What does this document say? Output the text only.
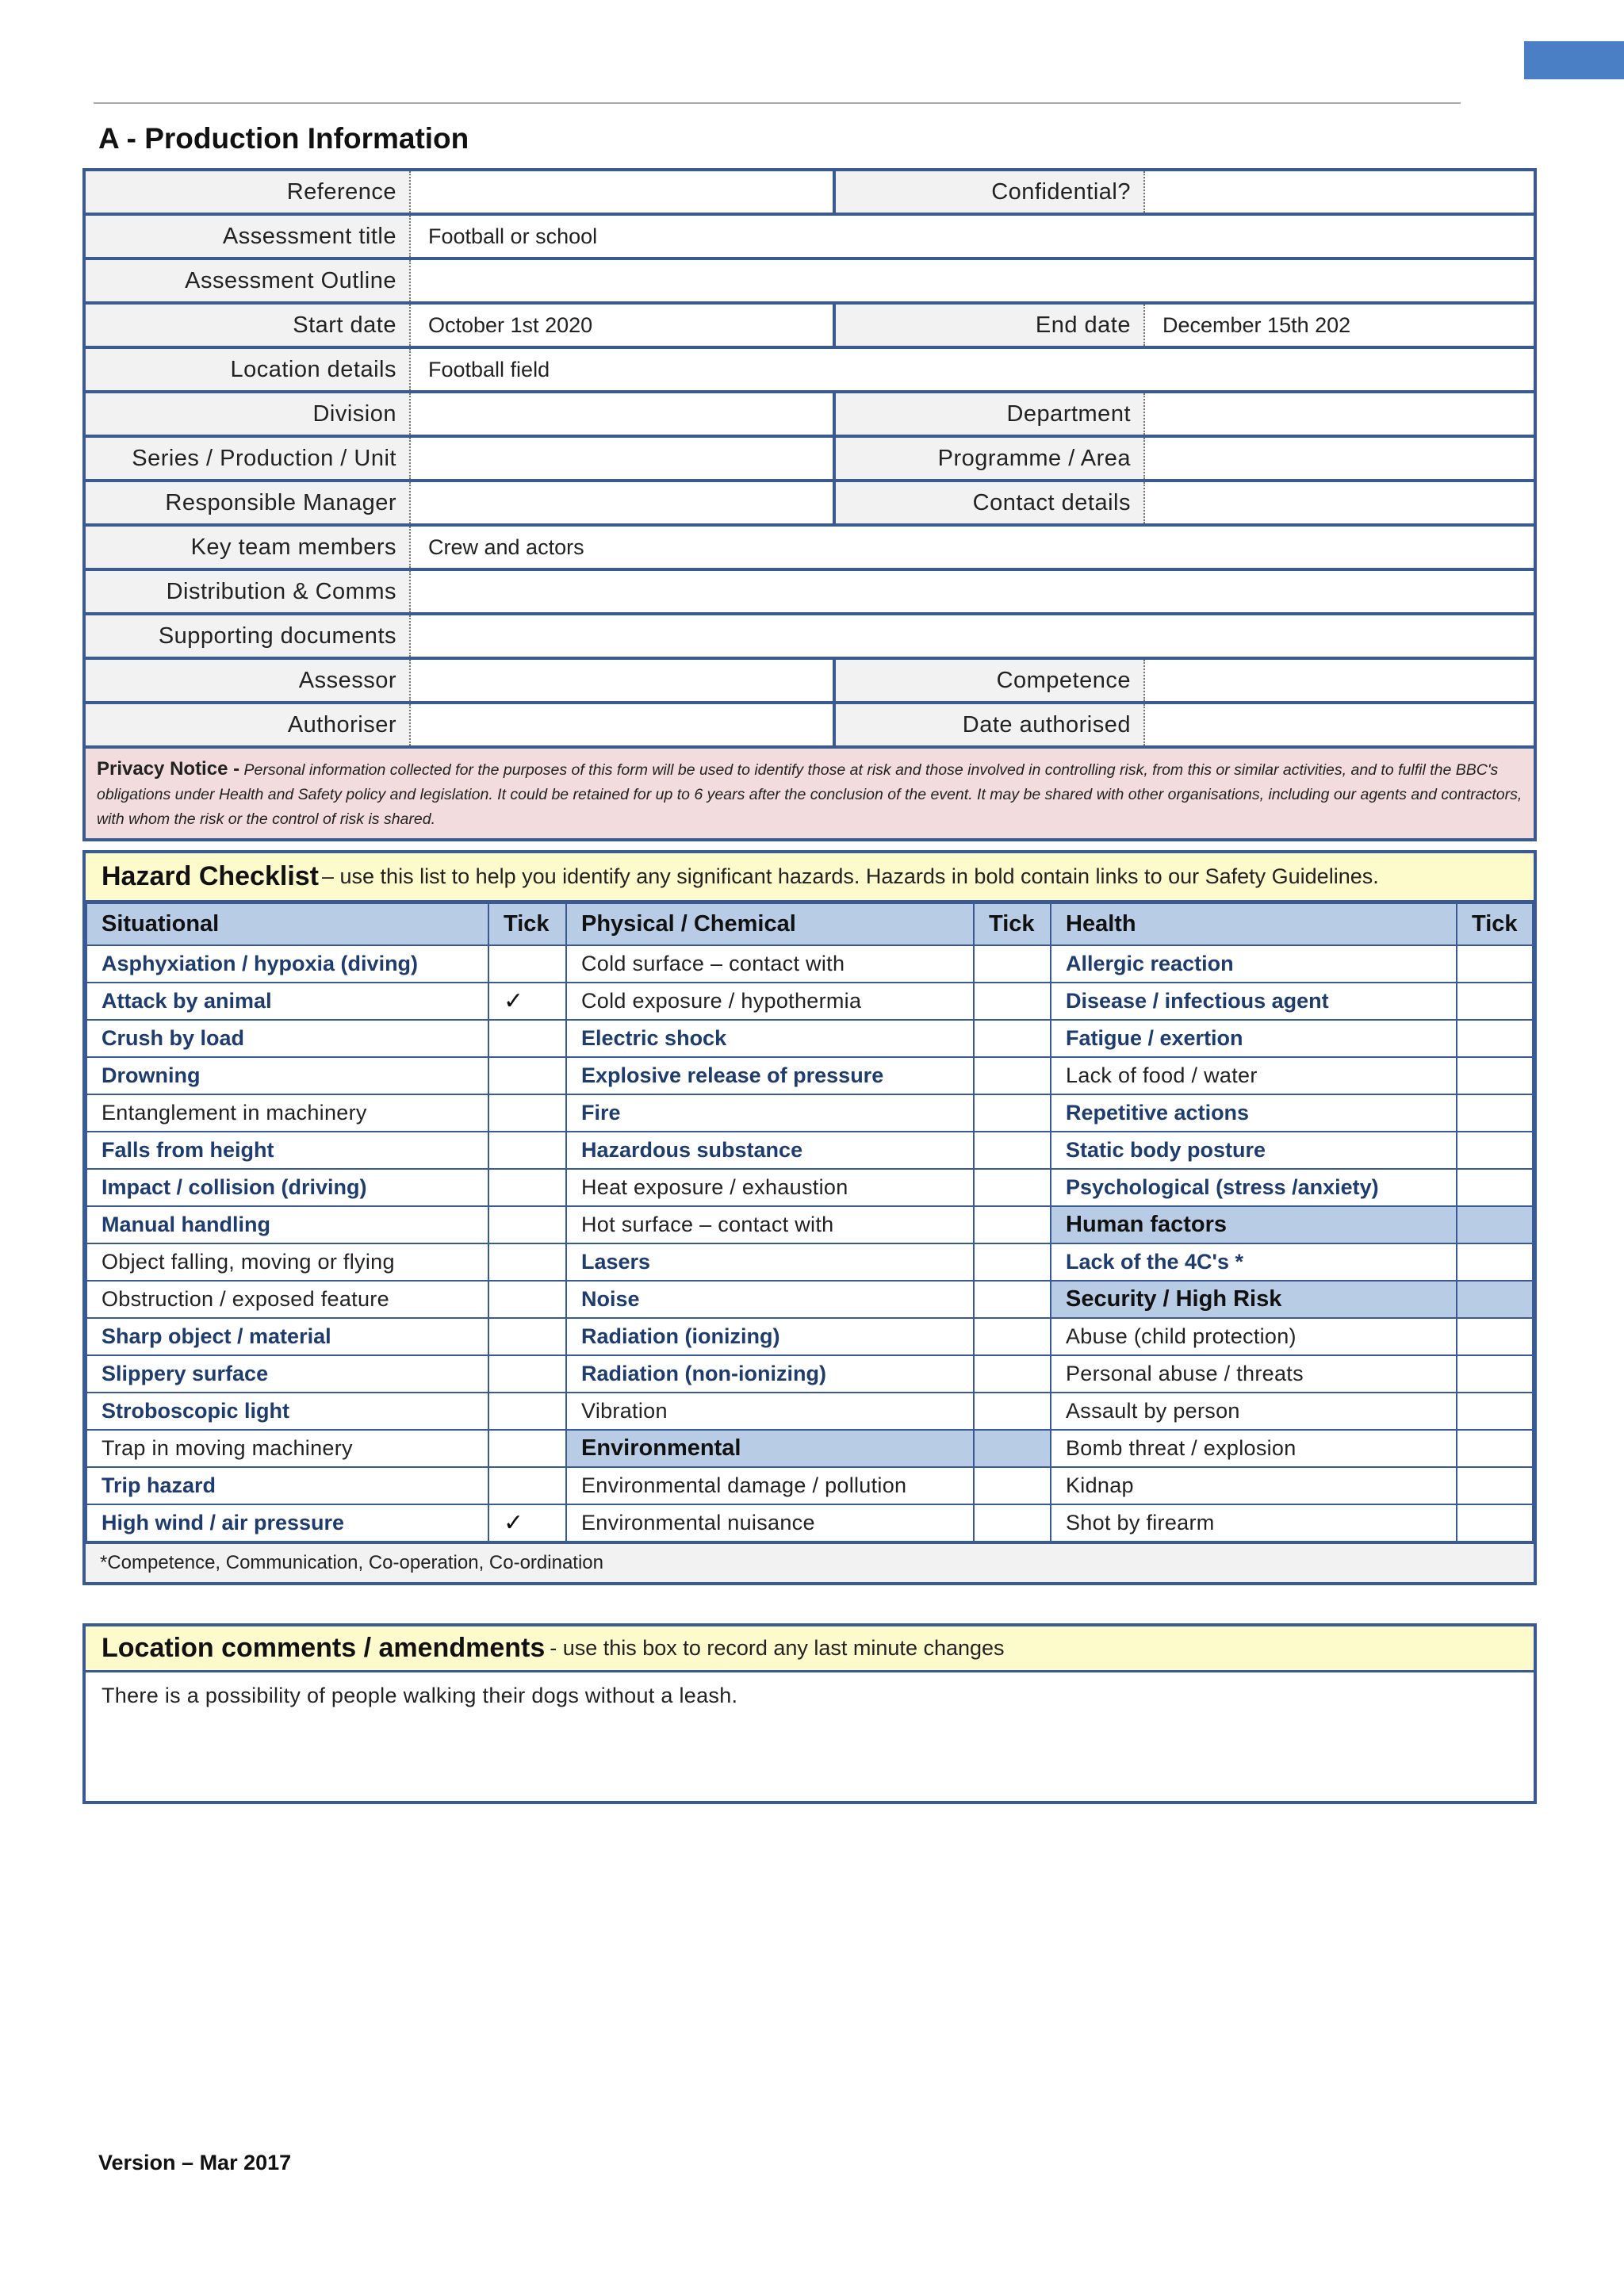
A - Production Information
Reference	Confidential?
Assessment title	Football or school
Assessment Outline
Start date	October 1st 2020	End date	December 15th 202
Location details	Football field
Division	Department
Series / Production / Unit	Programme / Area
Responsible Manager	Contact details
Key team members	Crew and actors
Distribution & Comms
Supporting documents
Assessor	Competence
Authoriser	Date authorised
Privacy Notice - Personal information collected for the purposes of this form will be used to identify those at risk and those involved in controlling risk, from this or similar activities, and to fulfil the BBC's obligations under Health and Safety policy and legislation. It could be retained for up to 6 years after the conclusion of the event. It may be shared with other organisations, including our agents and contractors, with whom the risk or the control of risk is shared.
Hazard Checklist – use this list to help you identify any significant hazards. Hazards in bold contain links to our Safety Guidelines.
Situational	Tick	Physical / Chemical	Tick	Health	Tick
Asphyxiation / hypoxia (diving)		Cold surface – contact with		Allergic reaction	
Attack by animal	✓	Cold exposure / hypothermia		Disease / infectious agent	
Crush by load		Electric shock		Fatigue / exertion	
Drowning		Explosive release of pressure		Lack of food / water	
Entanglement in machinery		Fire		Repetitive actions	
Falls from height		Hazardous substance		Static body posture	
Impact / collision (driving)		Heat exposure / exhaustion		Psychological (stress /anxiety)	
Manual handling		Hot surface – contact with		Human factors	
Object falling, moving or flying		Lasers		Lack of the 4C's *	
Obstruction / exposed feature		Noise		Security / High Risk	
Sharp object / material		Radiation (ionizing)		Abuse (child protection)	
Slippery surface		Radiation (non-ionizing)		Personal abuse / threats	
Stroboscopic light		Vibration		Assault by person	
Trap in moving machinery		Environmental		Bomb threat / explosion	
Trip hazard		Environmental damage / pollution		Kidnap	
High wind / air pressure	✓	Environmental nuisance		Shot by firearm	
*Competence, Communication, Co-operation, Co-ordination
Location comments / amendments - use this box to record any last minute changes
There is a possibility of people walking their dogs without a leash.
Version – Mar 2017
